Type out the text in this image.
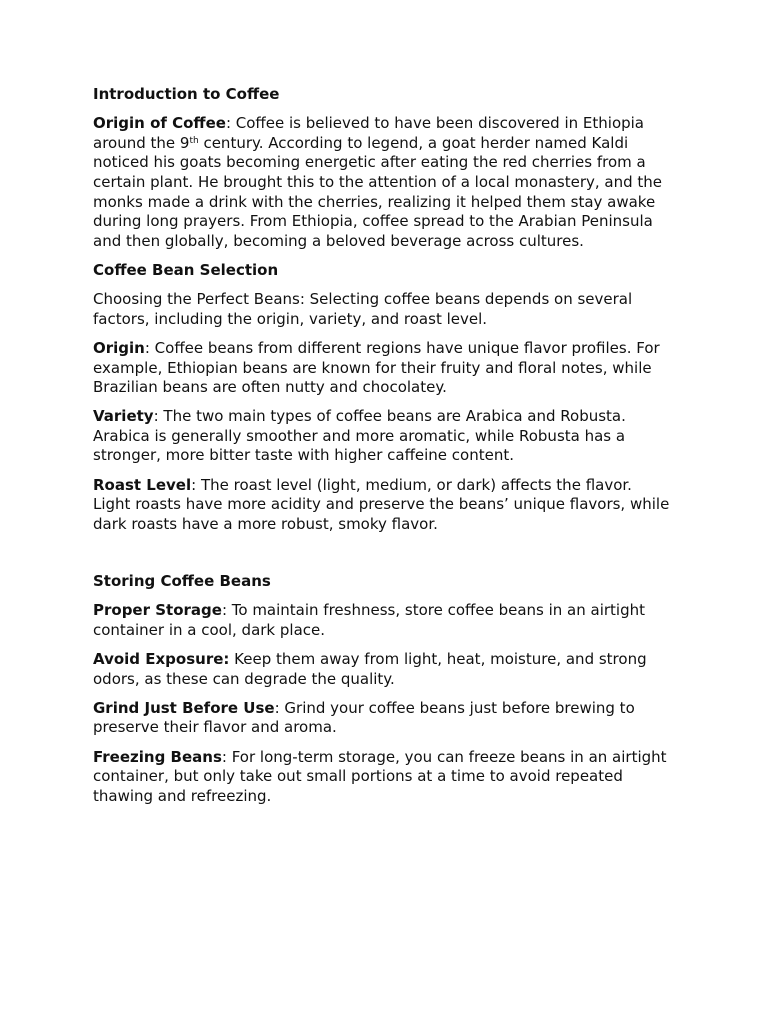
Introduction to Coffee

Origin of Coffee: Coffee is believed to have been discovered in Ethiopia around the 9th century. According to legend, a goat herder named Kaldi noticed his goats becoming energetic after eating the red cherries from a certain plant. He brought this to the attention of a local monastery, and the monks made a drink with the cherries, realizing it helped them stay awake during long prayers. From Ethiopia, coffee spread to the Arabian Peninsula and then globally, becoming a beloved beverage across cultures.

Coffee Bean Selection

Choosing the Perfect Beans: Selecting coffee beans depends on several factors, including the origin, variety, and roast level.

Origin: Coffee beans from different regions have unique flavor profiles. For example, Ethiopian beans are known for their fruity and floral notes, while Brazilian beans are often nutty and chocolatey.

Variety: The two main types of coffee beans are Arabica and Robusta. Arabica is generally smoother and more aromatic, while Robusta has a stronger, more bitter taste with higher caffeine content.

Roast Level: The roast level (light, medium, or dark) affects the flavor. Light roasts have more acidity and preserve the beans’ unique flavors, while dark roasts have a more robust, smoky flavor.

Storing Coffee Beans

Proper Storage: To maintain freshness, store coffee beans in an airtight container in a cool, dark place.

Avoid Exposure: Keep them away from light, heat, moisture, and strong odors, as these can degrade the quality.

Grind Just Before Use: Grind your coffee beans just before brewing to preserve their flavor and aroma.

Freezing Beans: For long-term storage, you can freeze beans in an airtight container, but only take out small portions at a time to avoid repeated thawing and refreezing.
